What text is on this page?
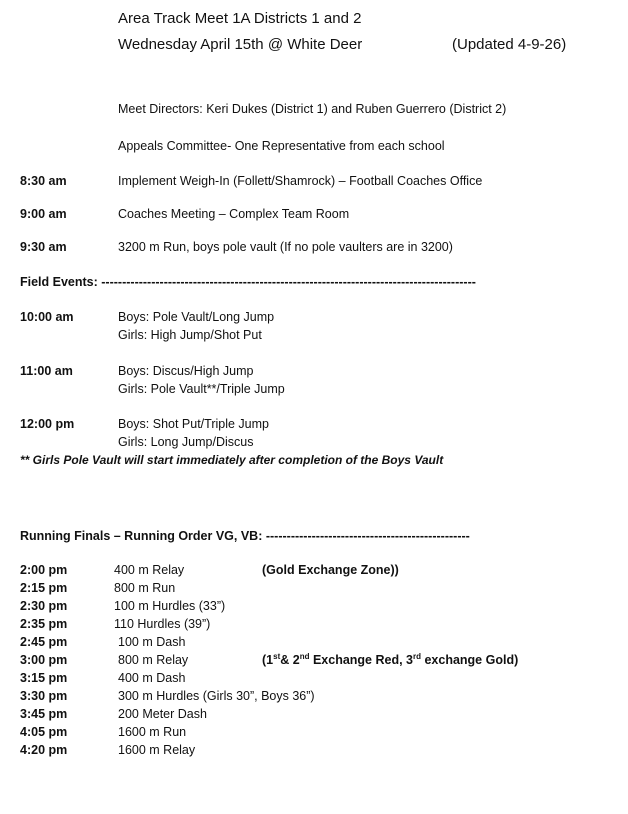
Area Track Meet 1A Districts 1 and 2
Wednesday April 15th @ White Deer	(Updated 4-9-26)
Meet Directors: Keri Dukes (District 1) and Ruben Guerrero (District 2)
Appeals Committee- One Representative from each school
8:30 am	Implement Weigh-In (Follett/Shamrock) – Football Coaches Office
9:00 am	Coaches Meeting – Complex Team Room
9:30 am	3200 m Run, boys pole vault (If no pole vaulters are in 3200)
Field Events: ------------------------------------------------------------------------------------------
10:00 am	Boys: Pole Vault/Long Jump
Girls: High Jump/Shot Put
11:00 am	Boys: Discus/High Jump
Girls: Pole Vault**/Triple Jump
12:00 pm	Boys: Shot Put/Triple Jump
Girls: Long Jump/Discus
** Girls Pole Vault will start immediately after completion of the Boys Vault
Running Finals – Running Order VG, VB: -------------------------------------------------
2:00 pm	400 m Relay	(Gold Exchange Zone))
2:15 pm	800 m Run
2:30 pm	100 m Hurdles (33”)
2:35 pm	110 Hurdles (39”)
2:45 pm	100 m Dash
3:00 pm	800 m Relay	(1st& 2nd Exchange Red, 3rd exchange Gold)
3:15 pm	400 m Dash
3:30 pm	300 m Hurdles (Girls 30”, Boys 36”)
3:45 pm	200 Meter Dash
4:05 pm	1600 m Run
4:20 pm	1600 m Relay
